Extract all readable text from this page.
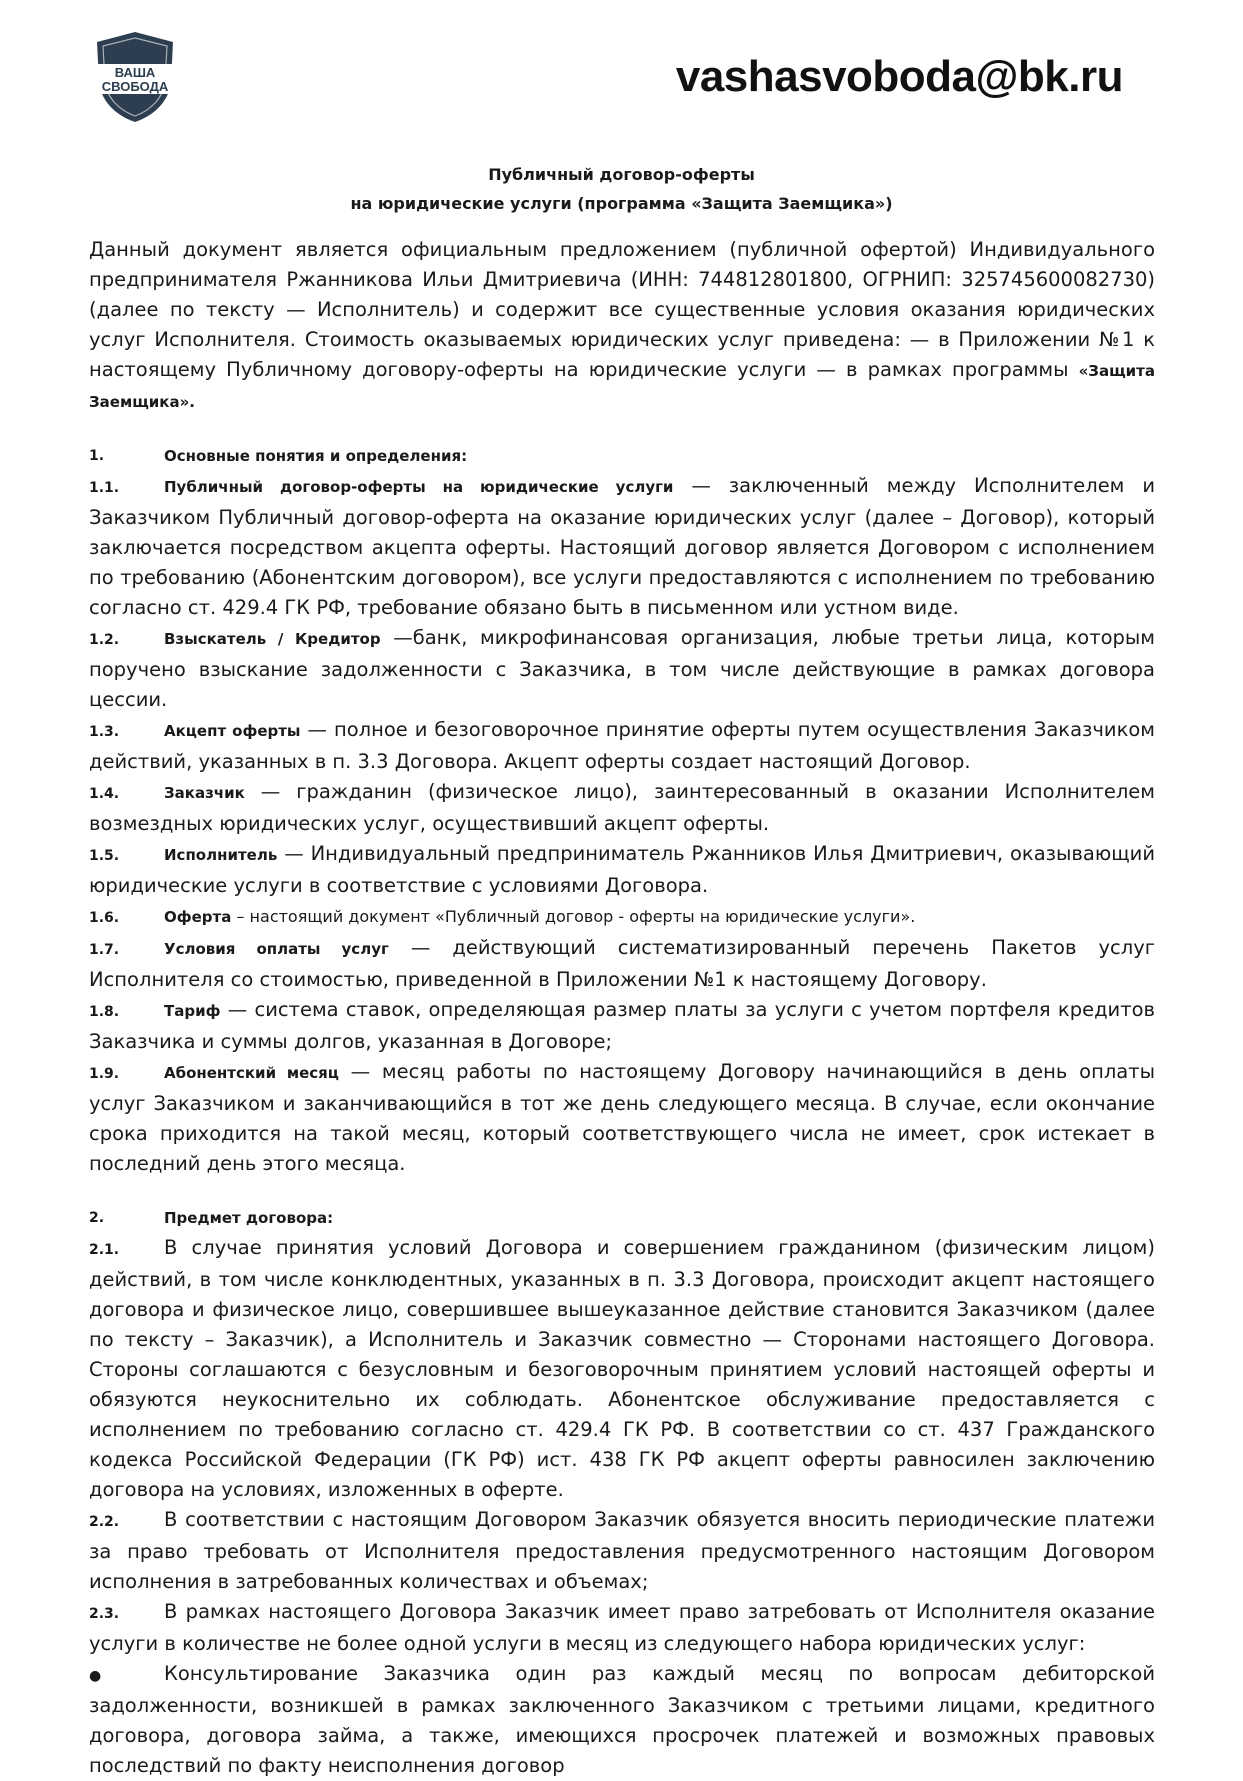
ВАША
СВОБОДА	vashasvoboda@bk.ru
Публичный договор-оферты
на юридические услуги (программа «Защита Заемщика»)
Данный документ является официальным предложением (публичной офертой) Индивидуального предпринимателя Ржанникова Ильи Дмитриевича (ИНН: 744812801800, ОГРНИП: 325745600082730) (далее по тексту — Исполнитель) и содержит все существенные условия оказания юридических услуг Исполнителя. Стоимость оказываемых юридических услуг приведена: — в Приложении №1 к настоящему Публичному договору-оферты на юридические услуги — в рамках программы «Защита Заемщика».
1.	Основные понятия и определения:
1.1.	Публичный договор-оферты на юридические услуги — заключенный между Исполнителем и Заказчиком Публичный договор-оферта на оказание юридических услуг (далее – Договор), который заключается посредством акцепта оферты. Настоящий договор является Договором с исполнением по требованию (Абонентским договором), все услуги предоставляются с исполнением по требованию согласно ст. 429.4 ГК РФ, требование обязано быть в письменном или устном виде.
1.2.	Взыскатель / Кредитор —банк, микрофинансовая организация, любые третьи лица, которым поручено взыскание задолженности с Заказчика, в том числе действующие в рамках договора цессии.
1.3.	Акцепт оферты — полное и безоговорочное принятие оферты путем осуществления Заказчиком действий, указанных в п. 3.3 Договора. Акцепт оферты создает настоящий Договор.
1.4.	Заказчик — гражданин (физическое лицо), заинтересованный в оказании Исполнителем возмездных юридических услуг, осуществивший акцепт оферты.
1.5.	Исполнитель — Индивидуальный предприниматель Ржанников Илья Дмитриевич, оказывающий юридические услуги в соответствие с условиями Договора.
1.6.	Оферта – настоящий документ «Публичный договор - оферты на юридические услуги».
1.7.	Условия оплаты услуг — действующий систематизированный перечень Пакетов услуг Исполнителя со стоимостью, приведенной в Приложении №1 к настоящему Договору.
1.8.	Тариф — система ставок, определяющая размер платы за услуги с учетом портфеля кредитов Заказчика и суммы долгов, указанная в Договоре;
1.9.	Абонентский месяц — месяц работы по настоящему Договору начинающийся в день оплаты услуг Заказчиком и заканчивающийся в тот же день следующего месяца. В случае, если окончание срока приходится на такой месяц, который соответствующего числа не имеет, срок истекает в последний день этого месяца.
2.	Предмет договора:
2.1. В случае принятия условий Договора и совершением гражданином (физическим лицом) действий, в том числе конклюдентных, указанных в п. 3.3 Договора, происходит акцепт настоящего договора и физическое лицо, совершившее вышеуказанное действие становится Заказчиком (далее по тексту – Заказчик), а Исполнитель и Заказчик совместно — Сторонами настоящего Договора. Стороны соглашаются с безусловным и безоговорочным принятием условий настоящей оферты и обязуются неукоснительно их соблюдать. Абонентское обслуживание предоставляется с исполнением по требованию согласно ст. 429.4 ГК РФ. В соответствии со ст. 437 Гражданского кодекса Российской Федерации (ГК РФ) ист. 438 ГК РФ акцепт оферты равносилен заключению договора на условиях, изложенных в оферте.
2.2. В соответствии с настоящим Договором Заказчик обязуется вносить периодические платежи за право требовать от Исполнителя предоставления предусмотренного настоящим Договором исполнения в затребованных количествах и объемах;
2.3. В рамках настоящего Договора Заказчик имеет право затребовать от Исполнителя оказание услуги в количестве не более одной услуги в месяц из следующего набора юридических услуг:
●	Консультирование Заказчика один раз каждый месяц по вопросам дебиторской задолженности, возникшей в рамках заключенного Заказчиком с третьими лицами, кредитного договора, договора займа, а также, имеющихся просрочек платежей и возможных правовых последствий по факту неисполнения договор
